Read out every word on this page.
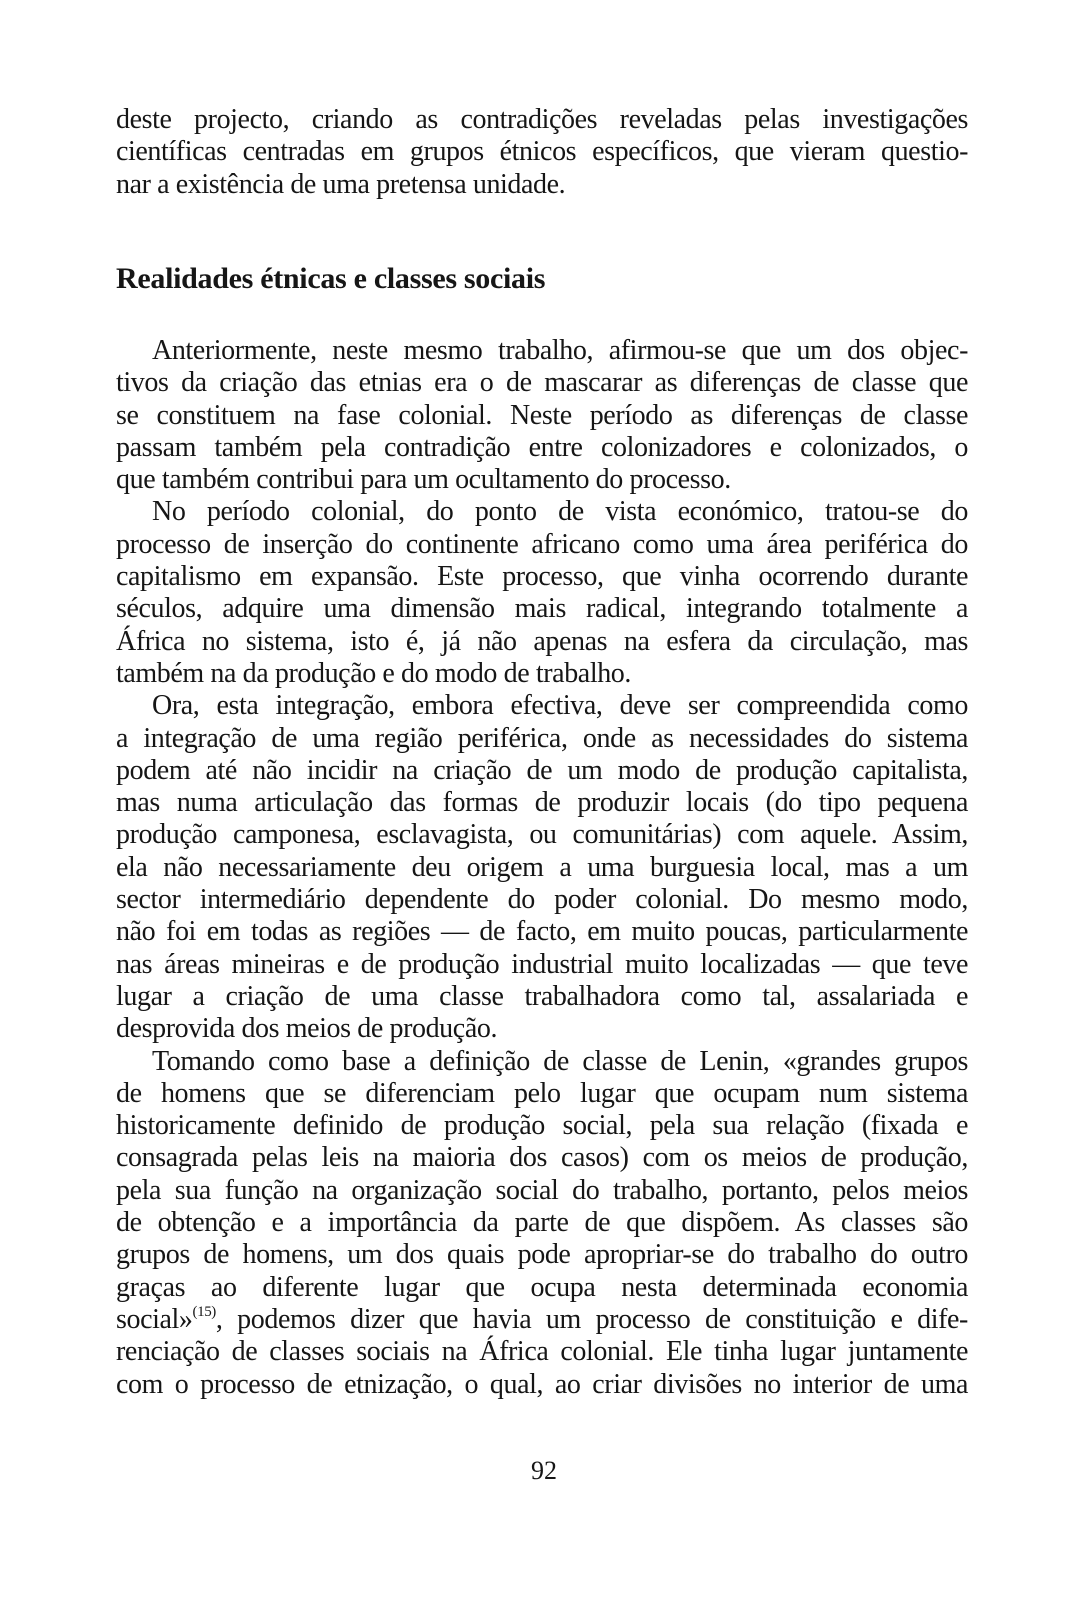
deste projecto, criando as contradições reveladas pelas investigações
científicas centradas em grupos étnicos específicos, que vieram questio-
nar a existência de uma pretensa unidade.
Realidades étnicas e classes sociais
Anteriormente, neste mesmo trabalho, afirmou-se que um dos objec-
tivos da criação das etnias era o de mascarar as diferenças de classe que
se constituem na fase colonial. Neste período as diferenças de classe
passam também pela contradição entre colonizadores e colonizados, o
que também contribui para um ocultamento do processo.
No período colonial, do ponto de vista económico, tratou-se do
processo de inserção do continente africano como uma área periférica do
capitalismo em expansão. Este processo, que vinha ocorrendo durante
séculos, adquire uma dimensão mais radical, integrando totalmente a
África no sistema, isto é, já não apenas na esfera da circulação, mas
também na da produção e do modo de trabalho.
Ora, esta integração, embora efectiva, deve ser compreendida como
a integração de uma região periférica, onde as necessidades do sistema
podem até não incidir na criação de um modo de produção capitalista,
mas numa articulação das formas de produzir locais (do tipo pequena
produção camponesa, esclavagista, ou comunitárias) com aquele. Assim,
ela não necessariamente deu origem a uma burguesia local, mas a um
sector intermediário dependente do poder colonial. Do mesmo modo,
não foi em todas as regiões — de facto, em muito poucas, particularmente
nas áreas mineiras e de produção industrial muito localizadas — que teve
lugar a criação de uma classe trabalhadora como tal, assalariada e
desprovida dos meios de produção.
Tomando como base a definição de classe de Lenin, «grandes grupos
de homens que se diferenciam pelo lugar que ocupam num sistema
historicamente definido de produção social, pela sua relação (fixada e
consagrada pelas leis na maioria dos casos) com os meios de produção,
pela sua função na organização social do trabalho, portanto, pelos meios
de obtenção e a importância da parte de que dispõem. As classes são
grupos de homens, um dos quais pode apropriar-se do trabalho do outro
graças ao diferente lugar que ocupa nesta determinada economia
social»$^{(15)}$, podemos dizer que havia um processo de constituição e dife-
renciação de classes sociais na África colonial. Ele tinha lugar juntamente
com o processo de etnização, o qual, ao criar divisões no interior de uma
92
